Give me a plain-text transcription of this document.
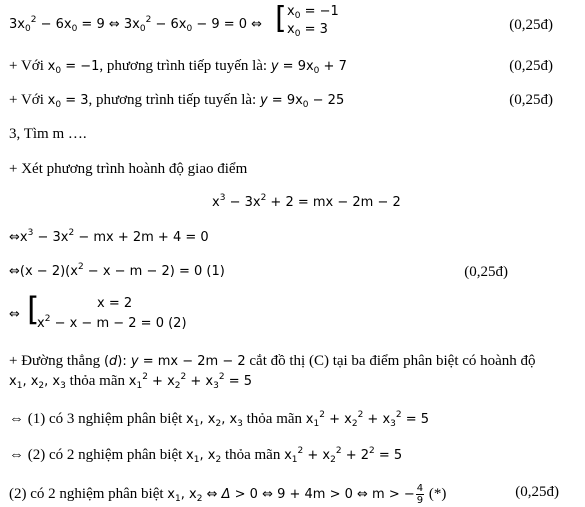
$3x_0^2 - 6x_0 = 9$ ⇔ $3x_0^2 - 6x_0 - 9 = 0$ ⇔ [ $x_0 = -1$
$x_0 = 3$	(0,25đ)
+ Với $x_0 = -1$, phương trình tiếp tuyến là: $y = 9x_0 + 7$	(0,25đ)
+ Với $x_0 = 3$, phương trình tiếp tuyến là: $y = 9x_0 - 25$	(0,25đ)
3, Tìm m ….
+ Xét phương trình hoành độ giao điểm
$x^3 - 3x^2 + 2$ = mx − 2m − 2
$\Leftrightarrow x^3 - 3x^2$ − mx + 2m + 4 = 0
⇔(x − $2)(x^2 - x - m - 2) = 0$ (1)	(0,25đ)
⇔ [	x = 2
$x^2 - x - m - 2 = 0$ (2)
+ Đường thẳng (d): y = mx − 2m − 2 cắt đồ thị (C) tại ba điểm phân biệt có hoành độ
$x_1$, $x_2$, $x_3$ thỏa mãn $x_1^2 + x_2^2 + x_3^2 = 5$
⇔ (1) có 3 nghiệm phân biệt $x_1$, $x_2$, $x_3$ thỏa mãn $x_1^2 + x_2^2 + x_3^2 = 5$
⇔ (2) có 2 nghiệm phân biệt $x_1$, $x_2$ thỏa mãn $x_1^2 + x_2^2 + 2^2 = 5$
(2) có 2 nghiệm phân biệt $x_1$, $x_2$ ⇔ Δ > 0 ⇔ 9 + 4m > 0 ⇔ m > − $\frac{4}{9}$ (*)	(0,25đ)
